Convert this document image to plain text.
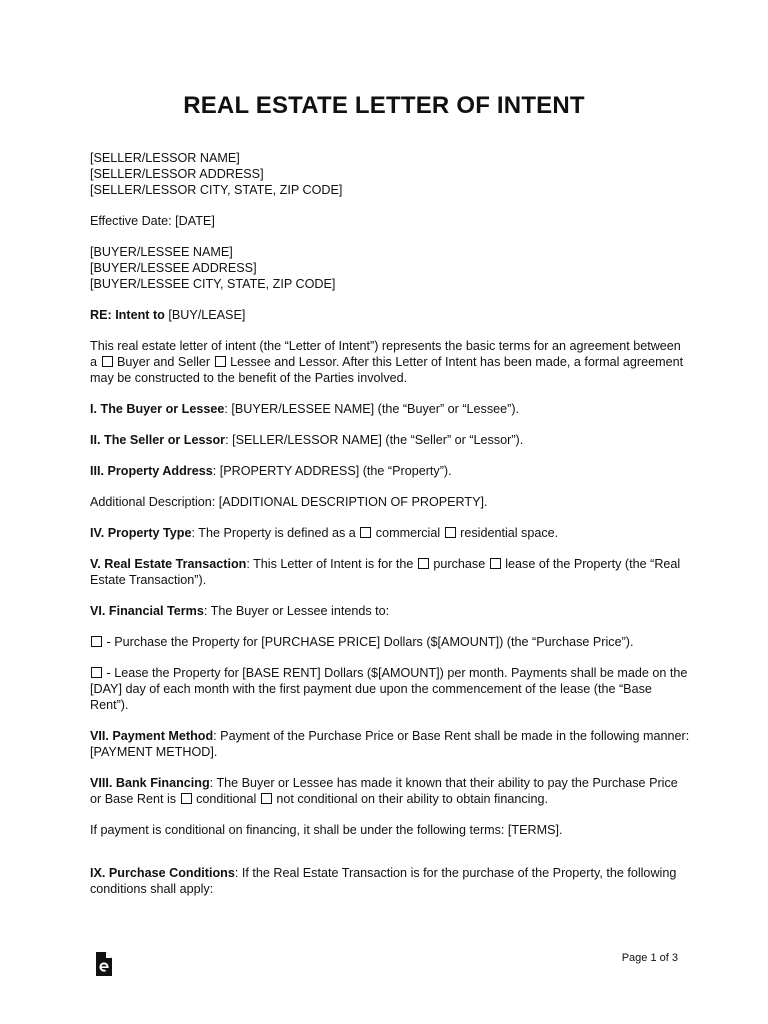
REAL ESTATE LETTER OF INTENT

[SELLER/LESSOR NAME]

[SELLER/LESSOR ADDRESS]

[SELLER/LESSOR CITY, STATE, ZIP CODE]

Effective Date: [DATE]

[BUYER/LESSEE NAME]

[BUYER/LESSEE ADDRESS]

[BUYER/LESSEE CITY, STATE, ZIP CODE]

RE: Intent to [BUY/LEASE]

This real estate letter of intent (the “Letter of Intent”) represents the basic terms for an agreement between a  Buyer and Seller  Lessee and Lessor. After this Letter of Intent has been made, a formal agreement may be constructed to the benefit of the Parties involved.

I. The Buyer or Lessee: [BUYER/LESSEE NAME] (the “Buyer” or “Lessee”).

II. The Seller or Lessor: [SELLER/LESSOR NAME] (the “Seller” or “Lessor”).

III. Property Address: [PROPERTY ADDRESS] (the “Property”).

Additional Description: [ADDITIONAL DESCRIPTION OF PROPERTY].

IV. Property Type: The Property is defined as a  commercial  residential space.

V. Real Estate Transaction: This Letter of Intent is for the  purchase  lease of the Property (the “Real Estate Transaction”).

VI. Financial Terms: The Buyer or Lessee intends to:

- Purchase the Property for [PURCHASE PRICE] Dollars ($[AMOUNT]) (the “Purchase Price”).

- Lease the Property for [BASE RENT] Dollars ($[AMOUNT]) per month. Payments shall be made on the [DAY] day of each month with the first payment due upon the commencement of the lease (the “Base Rent”).

VII. Payment Method: Payment of the Purchase Price or Base Rent shall be made in the following manner:

[PAYMENT METHOD].

VIII. Bank Financing: The Buyer or Lessee has made it known that their ability to pay the Purchase Price or Base Rent is  conditional  not conditional on their ability to obtain financing.

If payment is conditional on financing, it shall be under the following terms: [TERMS].

IX. Purchase Conditions: If the Real Estate Transaction is for the purchase of the Property, the following conditions shall apply:

Page 1 of 3
